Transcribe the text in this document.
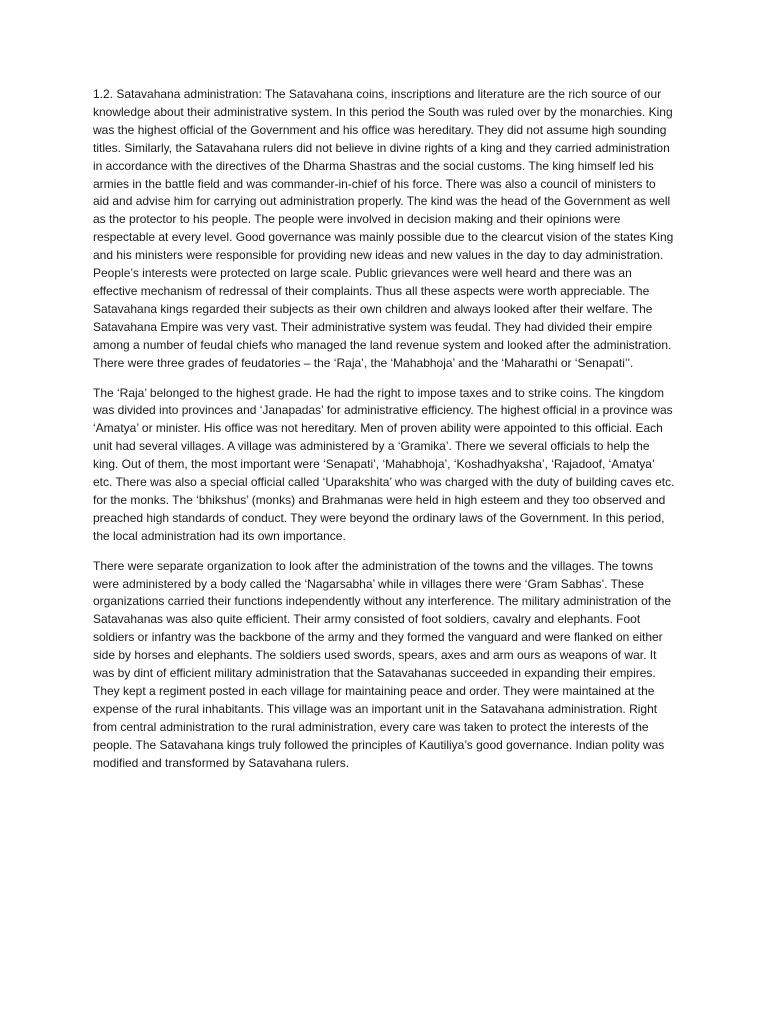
1.2. Satavahana administration: The Satavahana coins, inscriptions and literature are the rich source of our knowledge about their administrative system. In this period the South was ruled over by the monarchies. King was the highest official of the Government and his office was hereditary. They did not assume high sounding titles. Similarly, the Satavahana rulers did not believe in divine rights of a king and they carried administration in accordance with the directives of the Dharma Shastras and the social customs. The king himself led his armies in the battle field and was commander-in-chief of his force. There was also a council of ministers to aid and advise him for carrying out administration properly. The kind was the head of the Government as well as the protector to his people. The people were involved in decision making and their opinions were respectable at every level. Good governance was mainly possible due to the clearcut vision of the states King and his ministers were responsible for providing new ideas and new values in the day to day administration. People’s interests were protected on large scale. Public grievances were well heard and there was an effective mechanism of redressal of their complaints. Thus all these aspects were worth appreciable. The Satavahana kings regarded their subjects as their own children and always looked after their welfare. The Satavahana Empire was very vast. Their administrative system was feudal. They had divided their empire among a number of feudal chiefs who managed the land revenue system and looked after the administration. There were three grades of feudatories – the ‘Raja’, the ‘Mahabhoja’ and the ‘Maharathi or ‘Senapati’’.

The ‘Raja’ belonged to the highest grade. He had the right to impose taxes and to strike coins. The kingdom was divided into provinces and ‘Janapadas’ for administrative efficiency. The highest official in a province was ‘Amatya’ or minister. His office was not hereditary. Men of proven ability were appointed to this official. Each unit had several villages. A village was administered by a ‘Gramika’. There we several officials to help the king. Out of them, the most important were ‘Senapati’, ‘Mahabhoja’, ‘Koshadhyaksha’, ‘Rajadoof, ‘Amatya’ etc. There was also a special official called ‘Uparakshita’ who was charged with the duty of building caves etc. for the monks. The ‘bhikshus’ (monks) and Brahmanas were held in high esteem and they too observed and preached high standards of conduct. They were beyond the ordinary laws of the Government. In this period, the local administration had its own importance.

There were separate organization to look after the administration of the towns and the villages. The towns were administered by a body called the ‘Nagarsabha’ while in villages there were ‘Gram Sabhas’. These organizations carried their functions independently without any interference. The military administration of the Satavahanas was also quite efficient. Their army consisted of foot soldiers, cavalry and elephants. Foot soldiers or infantry was the backbone of the army and they formed the vanguard and were flanked on either side by horses and elephants. The soldiers used swords, spears, axes and arm ours as weapons of war. It was by dint of efficient military administration that the Satavahanas succeeded in expanding their empires. They kept a regiment posted in each village for maintaining peace and order. They were maintained at the expense of the rural inhabitants. This village was an important unit in the Satavahana administration. Right from central administration to the rural administration, every care was taken to protect the interests of the people. The Satavahana kings truly followed the principles of Kautiliya’s good governance. Indian polity was modified and transformed by Satavahana rulers.
